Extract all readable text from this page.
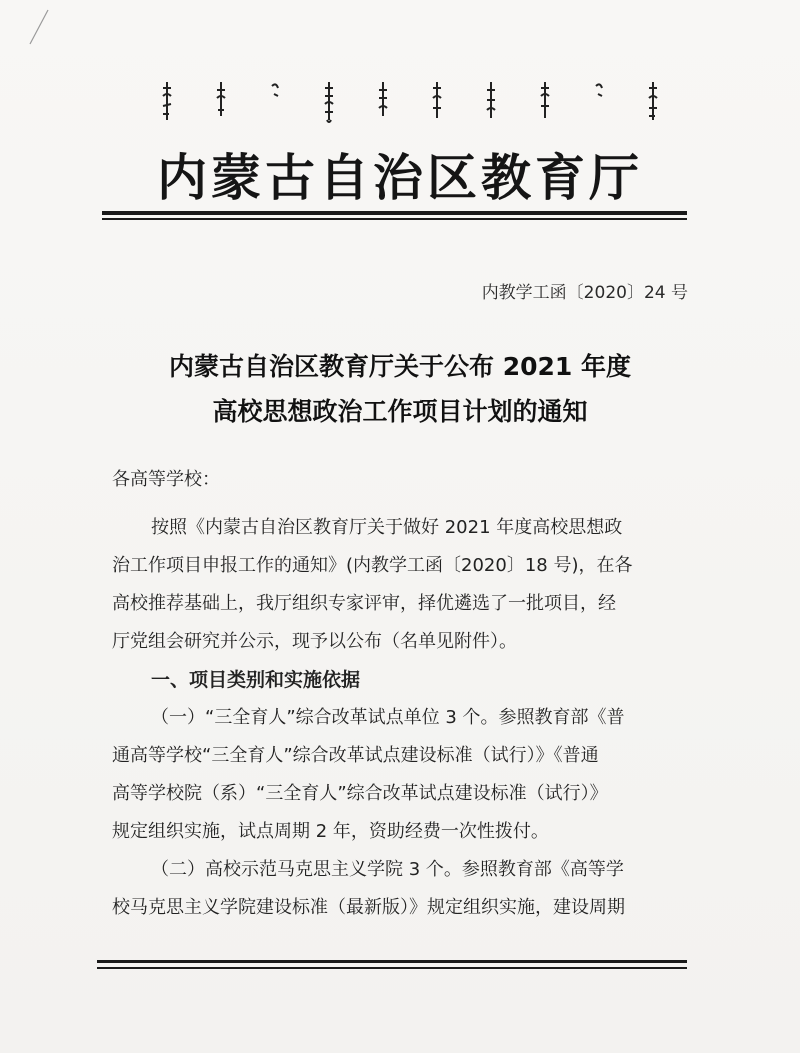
内蒙古自治区教育厅
内教学工函〔2020〕24 号
内蒙古自治区教育厅关于公布 2021 年度
高校思想政治工作项目计划的通知
各高等学校：
按照《内蒙古自治区教育厅关于做好 2021 年度高校思想政
治工作项目申报工作的通知》(内教学工函〔2020〕18 号)，在各
高校推荐基础上，我厅组织专家评审，择优遴选了一批项目，经
厅党组会研究并公示，现予以公布（名单见附件）。
一、项目类别和实施依据
（一）“三全育人”综合改革试点单位 3 个。参照教育部《普
通高等学校“三全育人”综合改革试点建设标准（试行）》《普通
高等学校院（系）“三全育人”综合改革试点建设标准（试行）》
规定组织实施，试点周期 2 年，资助经费一次性拨付。
（二）高校示范马克思主义学院 3 个。参照教育部《高等学
校马克思主义学院建设标准（最新版）》规定组织实施，建设周期
